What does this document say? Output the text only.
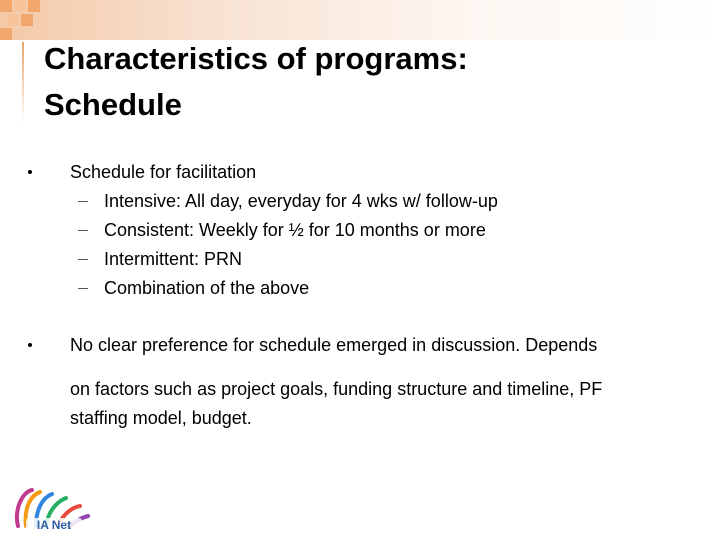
Characteristics of programs:
Schedule
Schedule for facilitation
Intensive: All day, everyday for 4 wks w/ follow-up
Consistent: Weekly for ½ for 10 months or more
Intermittent: PRN
Combination of the above
No clear preference for schedule emerged in discussion. Depends
on factors such as project goals, funding structure and timeline, PF
staffing model, budget.
IA Net
